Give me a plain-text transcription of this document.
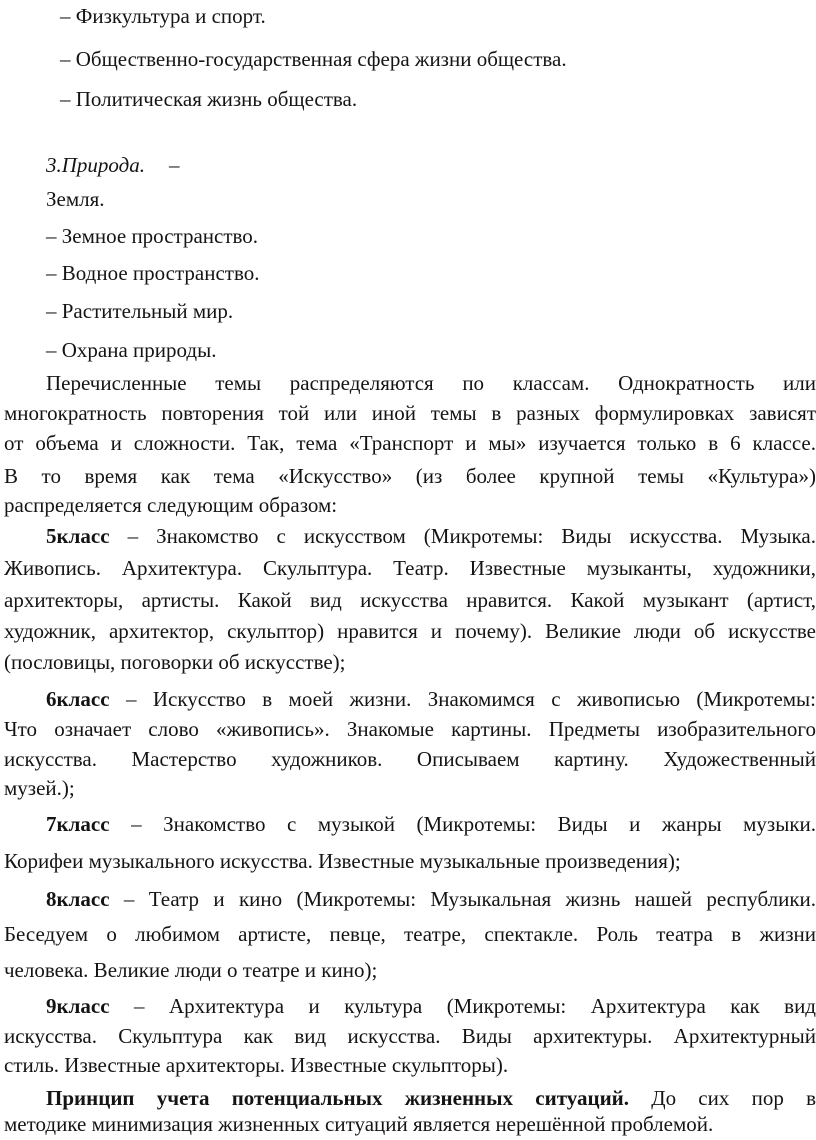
– Физкультура и спорт.
– Общественно-государственная сфера жизни общества.
– Политическая жизнь общества.
3.Природа. –
Земля.
– Земное пространство.
– Водное пространство.
– Растительный мир.
– Охрана природы.
Перечисленные темы распределяются по классам. Однократность или
многократность повторения той или иной темы в разных формулировках зависят
от объема и сложности. Так, тема «Транспорт и мы» изучается только в 6 классе.
В то время как тема «Искусство» (из более крупной темы «Культура»)
распределяется следующим образом:
5класс – Знакомство с искусством (Микротемы: Виды искусства. Музыка.
Живопись. Архитектура. Скульптура. Театр. Известные музыканты, художники,
архитекторы, артисты. Какой вид искусства нравится. Какой музыкант (артист,
художник, архитектор, скульптор) нравится и почему). Великие люди об искусстве
(пословицы, поговорки об искусстве);
6класс – Искусство в моей жизни. Знакомимся с живописью (Микротемы:
Что означает слово «живопись». Знакомые картины. Предметы изобразительного
искусства. Мастерство художников. Описываем картину. Художественный
музей.);
7класс – Знакомство с музыкой (Микротемы: Виды и жанры музыки.
Корифеи музыкального искусства. Известные музыкальные произведения);
8класс – Театр и кино (Микротемы: Музыкальная жизнь нашей республики.
Беседуем о любимом артисте, певце, театре, спектакле. Роль театра в жизни
человека. Великие люди о театре и кино);
9класс – Архитектура и культура (Микротемы: Архитектура как вид
искусства. Скульптура как вид искусства. Виды архитектуры. Архитектурный
стиль. Известные архитекторы. Известные скульпторы).
Принцип учета потенциальных жизненных ситуаций. До сих пор в
методике минимизация жизненных ситуаций является нерешённой проблемой.
